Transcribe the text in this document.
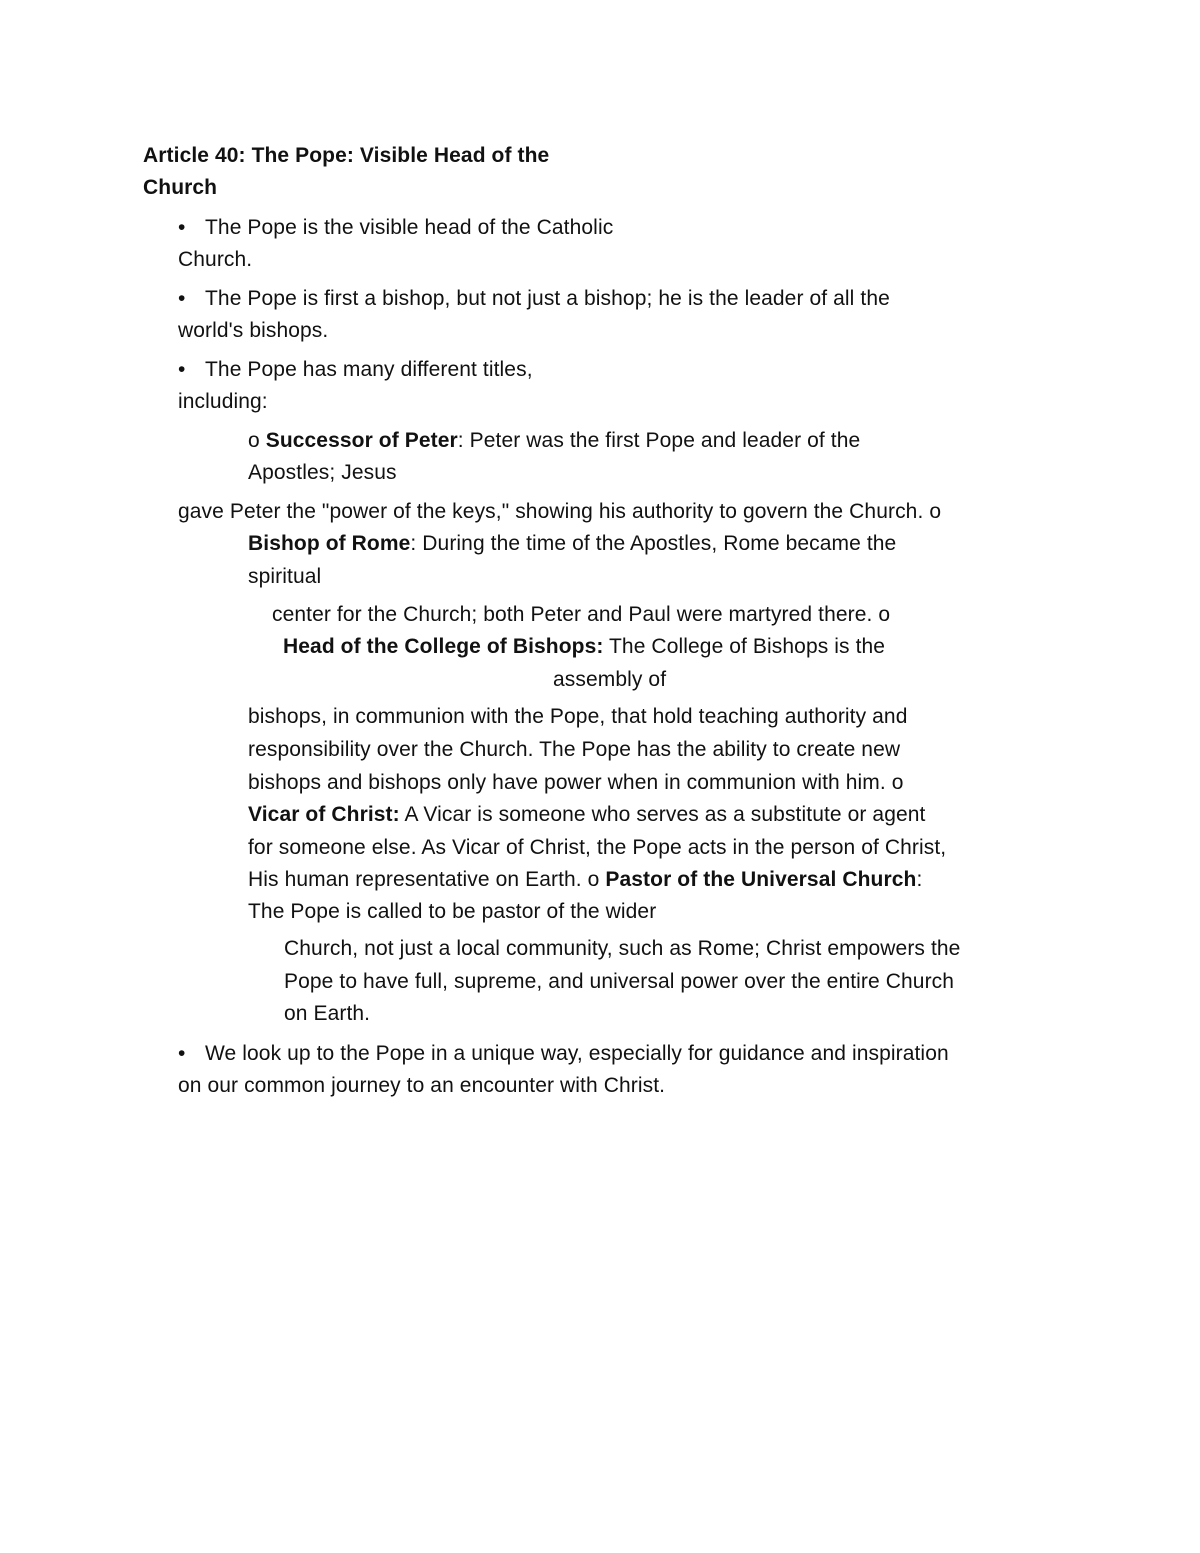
Article 40: The Pope: Visible Head of the
Church
• The Pope is the visible head of the Catholic
Church.
• The Pope is first a bishop, but not just a bishop; he is the leader of all the
world's bishops.
• The Pope has many different titles,
including:
o Successor of Peter: Peter was the first Pope and leader of the
Apostles; Jesus
gave Peter the "power of the keys," showing his authority to govern the Church. o
Bishop of Rome: During the time of the Apostles, Rome became the
spiritual
center for the Church; both Peter and Paul were martyred there. o
Head of the College of Bishops: The College of Bishops is the
assembly of
bishops, in communion with the Pope, that hold teaching authority and
responsibility over the Church. The Pope has the ability to create new
bishops and bishops only have power when in communion with him. o
Vicar of Christ: A Vicar is someone who serves as a substitute or agent
for someone else. As Vicar of Christ, the Pope acts in the person of Christ,
His human representative on Earth. o Pastor of the Universal Church:
The Pope is called to be pastor of the wider
Church, not just a local community, such as Rome; Christ empowers the
Pope to have full, supreme, and universal power over the entire Church
on Earth.
• We look up to the Pope in a unique way, especially for guidance and inspiration
on our common journey to an encounter with Christ.
